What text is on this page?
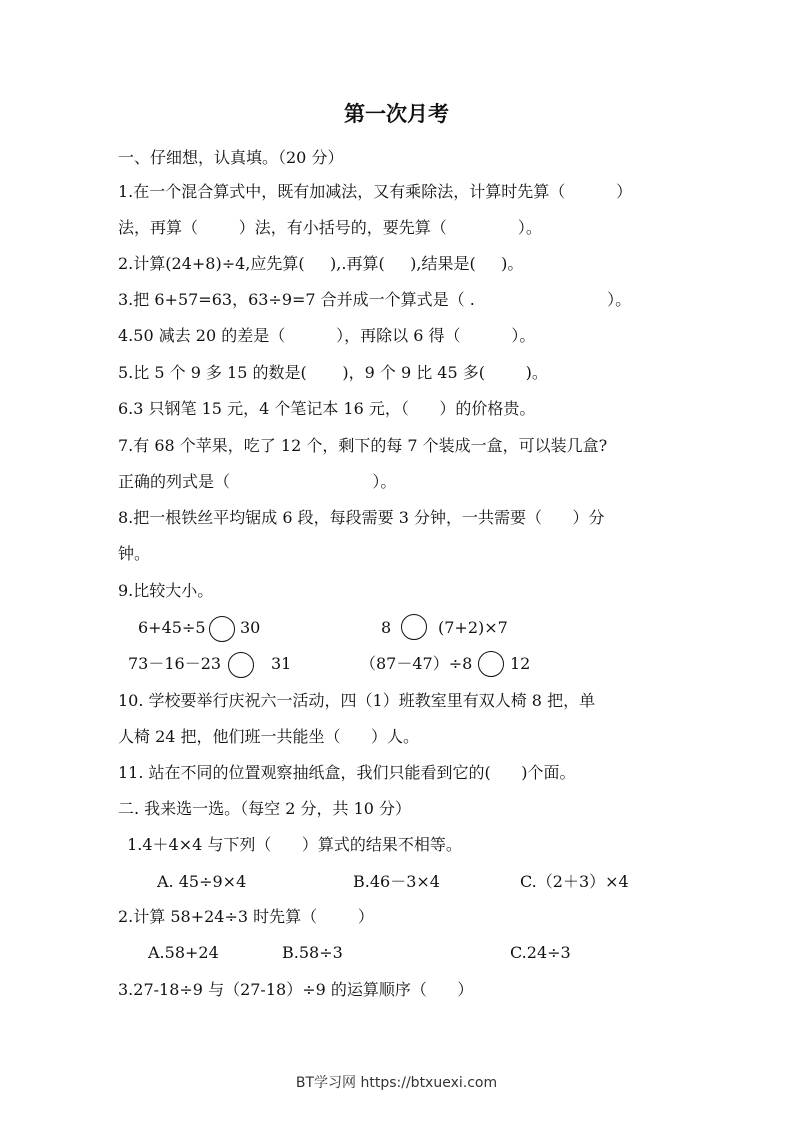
第一次月考
一、仔细想，认真填。（20 分）
1.在一个混合算式中，既有加减法，又有乘除法，计算时先算（          ）
法，再算（        ）法，有小括号的，要先算（              ）。
2.计算(24+8)÷4,应先算(     ),.再算(     ),结果是(     )。
3.把 6+57=63，63÷9=7 合并成一个算式是（ .                          ）。
4.50 减去 20 的差是（          ），再除以 6 得（          ）。
5.比 5 个 9 多 15 的数是(       )，9 个 9 比 45 多(        )。
6.3 只钢笔 15 元，4 个笔记本 16 元，（      ）的价格贵。
7.有 68 个苹果，吃了 12 个，剩下的每 7 个装成一盒，可以装几盒?
正确的列式是（                            ）。
8.把一根铁丝平均锯成 6 段，每段需要 3 分钟，一共需要（      ）分
钟。
9.比较大小。
6+45÷5 30	8	(7+2)×7
73－16－23	31	（87－47）÷8 12
10. 学校要举行庆祝六一活动，四（1）班教室里有双人椅 8 把，单
人椅 24 把，他们班一共能坐（      ）人。
11. 站在不同的位置观察抽纸盒，我们只能看到它的(      )个面。
二. 我来选一选。（每空 2 分，共 10 分）
1.4＋4×4 与下列（      ）算式的结果不相等。
A. 45÷9×4	B.46－3×4	C.（2＋3）×4
2.计算 58+24÷3 时先算（        ）
A.58+24	B.58÷3	C.24÷3
3.27-18÷9 与（27-18）÷9 的运算顺序（      ）
BT学习网 https://btxuexi.com
